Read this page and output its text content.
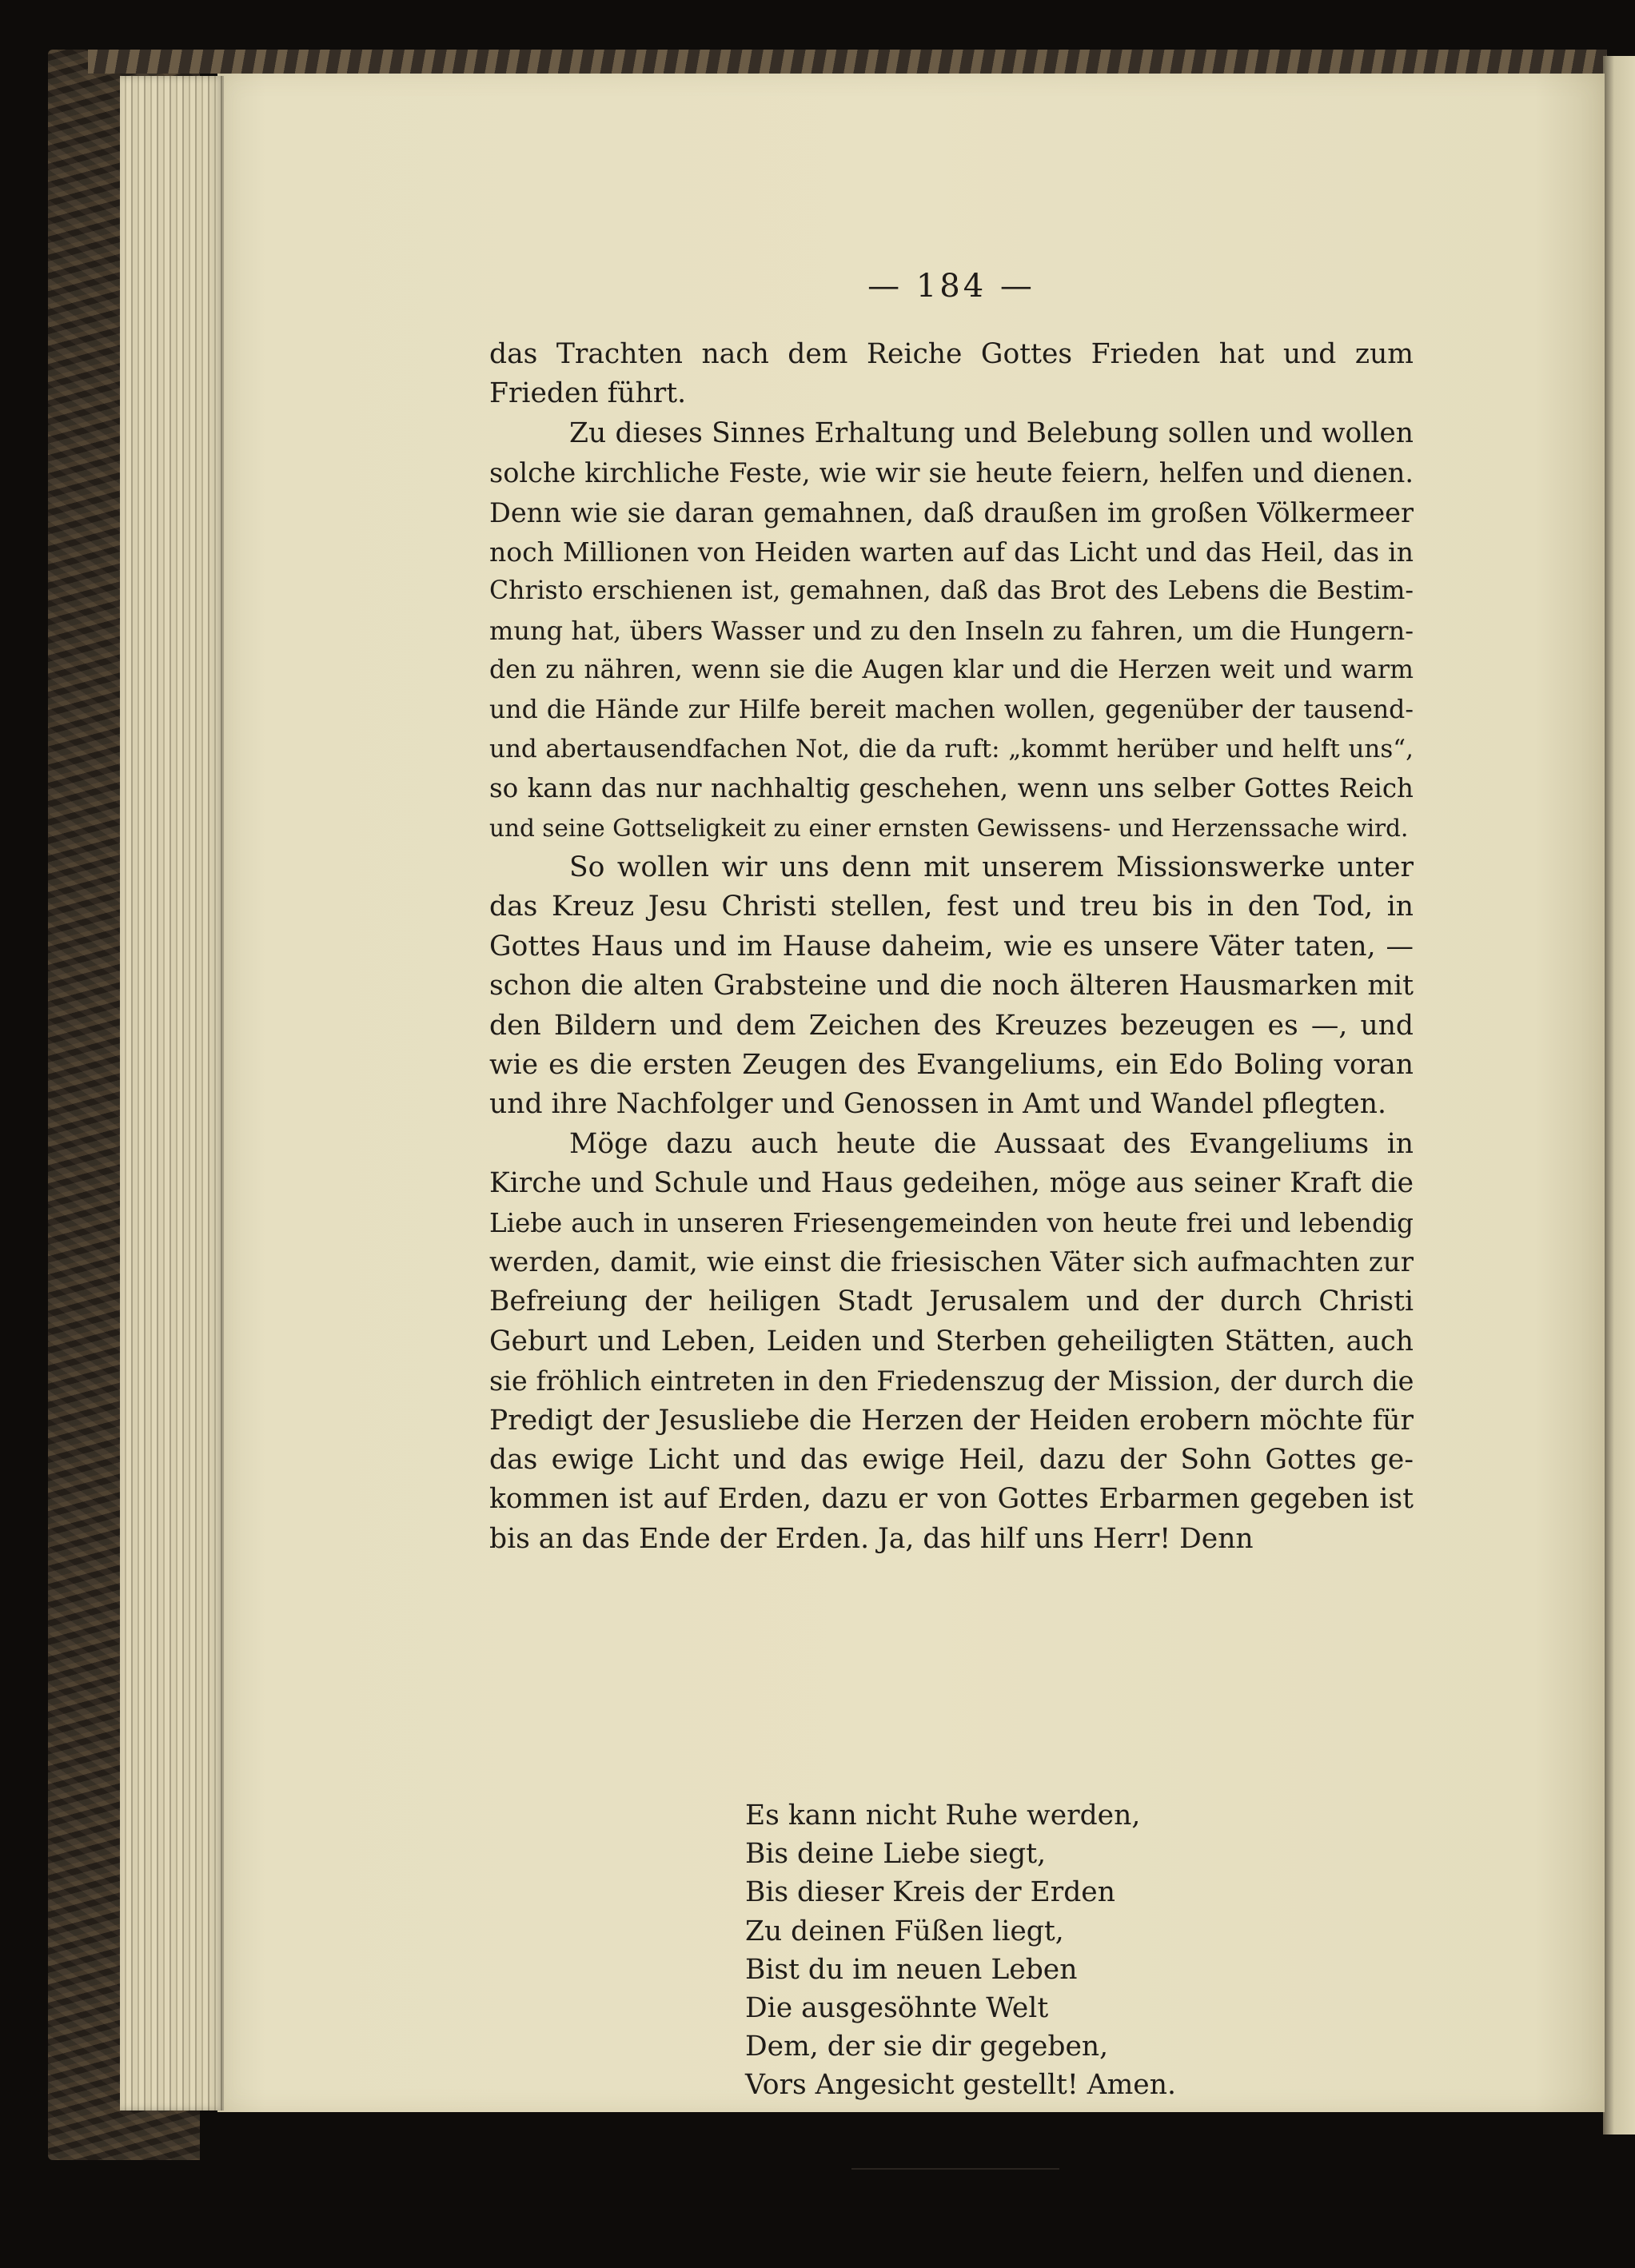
— 184 —
das Trachten nach dem Reiche Gottes Frieden hat und zum
Frieden führt.
Zu dieses Sinnes Erhaltung und Belebung sollen und wollen
solche kirchliche Feste, wie wir sie heute feiern, helfen und dienen.
Denn wie sie daran gemahnen, daß draußen im großen Völkermeer
noch Millionen von Heiden warten auf das Licht und das Heil, das in
Christo erschienen ist, gemahnen, daß das Brot des Lebens die Bestim-
mung hat, übers Wasser und zu den Inseln zu fahren, um die Hungern-
den zu nähren, wenn sie die Augen klar und die Herzen weit und warm
und die Hände zur Hilfe bereit machen wollen, gegenüber der tausend-
und abertausendfachen Not, die da ruft: „kommt herüber und helft uns“,
so kann das nur nachhaltig geschehen, wenn uns selber Gottes Reich
und seine Gottseligkeit zu einer ernsten Gewissens- und Herzenssache wird.
So wollen wir uns denn mit unserem Missionswerke unter
das Kreuz Jesu Christi stellen, fest und treu bis in den Tod, in
Gottes Haus und im Hause daheim, wie es unsere Väter taten, —
schon die alten Grabsteine und die noch älteren Hausmarken mit
den Bildern und dem Zeichen des Kreuzes bezeugen es —, und
wie es die ersten Zeugen des Evangeliums, ein Edo Boling voran
und ihre Nachfolger und Genossen in Amt und Wandel pflegten.
Möge dazu auch heute die Aussaat des Evangeliums in
Kirche und Schule und Haus gedeihen, möge aus seiner Kraft die
Liebe auch in unseren Friesengemeinden von heute frei und lebendig
werden, damit, wie einst die friesischen Väter sich aufmachten zur
Befreiung der heiligen Stadt Jerusalem und der durch Christi
Geburt und Leben, Leiden und Sterben geheiligten Stätten, auch
sie fröhlich eintreten in den Friedenszug der Mission, der durch die
Predigt der Jesusliebe die Herzen der Heiden erobern möchte für
das ewige Licht und das ewige Heil, dazu der Sohn Gottes ge-
kommen ist auf Erden, dazu er von Gottes Erbarmen gegeben ist
bis an das Ende der Erden. Ja, das hilf uns Herr! Denn
Es kann nicht Ruhe werden,
Bis deine Liebe siegt,
Bis dieser Kreis der Erden
Zu deinen Füßen liegt,
Bist du im neuen Leben
Die ausgesöhnte Welt
Dem, der sie dir gegeben,
Vors Angesicht gestellt! Amen.
